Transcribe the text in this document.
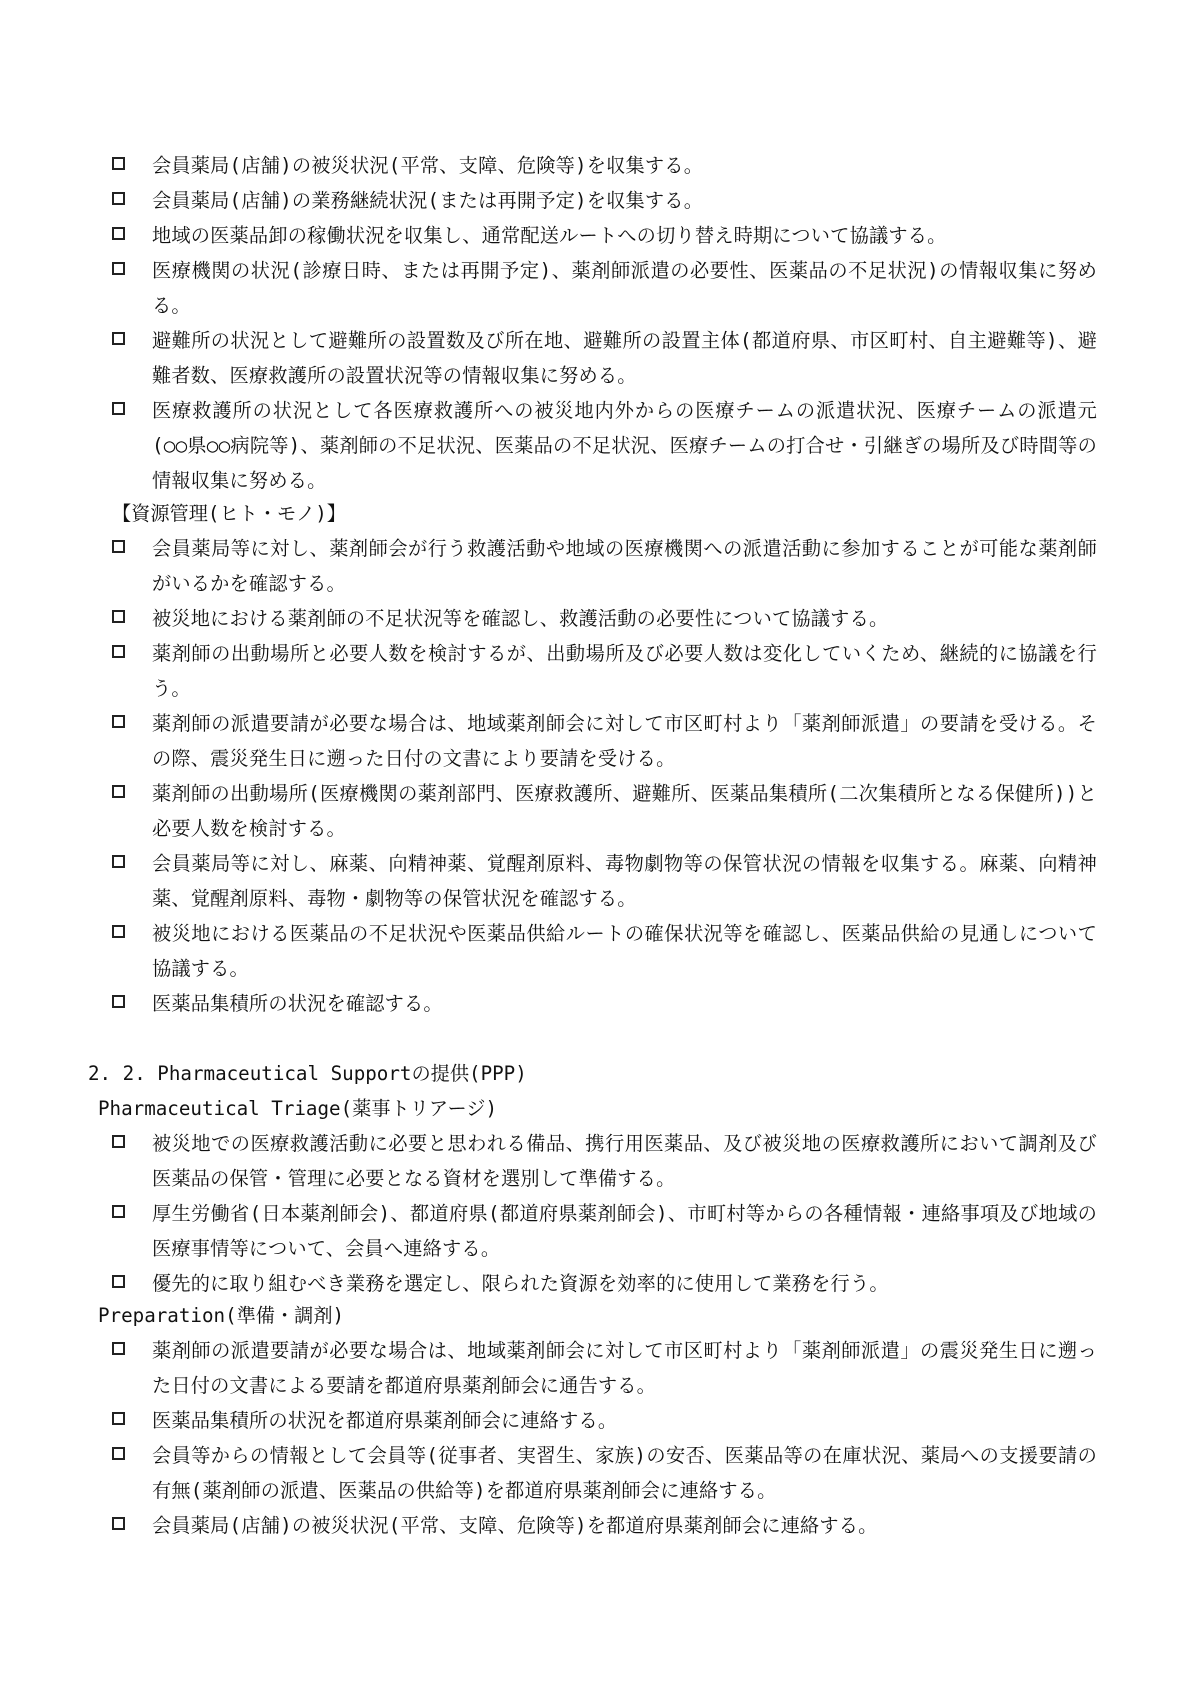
会員薬局(店舗)の被災状況(平常、支障、危険等)を収集する。
会員薬局(店舗)の業務継続状況(または再開予定)を収集する。
地域の医薬品卸の稼働状況を収集し、通常配送ルートへの切り替え時期について協議する。
医療機関の状況(診療日時、または再開予定)、薬剤師派遣の必要性、医薬品の不足状況)の情報収集に努める。
避難所の状況として避難所の設置数及び所在地、避難所の設置主体(都道府県、市区町村、自主避難等)、避難者数、医療救護所の設置状況等の情報収集に努める。
医療救護所の状況として各医療救護所への被災地内外からの医療チームの派遣状況、医療チームの派遣元(○○県○○病院等)、薬剤師の不足状況、医薬品の不足状況、医療チームの打合せ・引継ぎの場所及び時間等の情報収集に努める。
【資源管理(ヒト・モノ)】
会員薬局等に対し、薬剤師会が行う救護活動や地域の医療機関への派遣活動に参加することが可能な薬剤師がいるかを確認する。
被災地における薬剤師の不足状況等を確認し、救護活動の必要性について協議する。
薬剤師の出動場所と必要人数を検討するが、出動場所及び必要人数は変化していくため、継続的に協議を行う。
薬剤師の派遣要請が必要な場合は、地域薬剤師会に対して市区町村より「薬剤師派遣」の要請を受ける。その際、震災発生日に遡った日付の文書により要請を受ける。
薬剤師の出動場所(医療機関の薬剤部門、医療救護所、避難所、医薬品集積所(二次集積所となる保健所))と必要人数を検討する。
会員薬局等に対し、麻薬、向精神薬、覚醒剤原料、毒物劇物等の保管状況の情報を収集する。麻薬、向精神薬、覚醒剤原料、毒物・劇物等の保管状況を確認する。
被災地における医薬品の不足状況や医薬品供給ルートの確保状況等を確認し、医薬品供給の見通しについて協議する。
医薬品集積所の状況を確認する。
2. 2. Pharmaceutical Supportの提供(PPP)
Pharmaceutical Triage(薬事トリアージ)
被災地での医療救護活動に必要と思われる備品、携行用医薬品、及び被災地の医療救護所において調剤及び医薬品の保管・管理に必要となる資材を選別して準備する。
厚生労働省(日本薬剤師会)、都道府県(都道府県薬剤師会)、市町村等からの各種情報・連絡事項及び地域の医療事情等について、会員へ連絡する。
優先的に取り組むべき業務を選定し、限られた資源を効率的に使用して業務を行う。
Preparation(準備・調剤)
薬剤師の派遣要請が必要な場合は、地域薬剤師会に対して市区町村より「薬剤師派遣」の震災発生日に遡った日付の文書による要請を都道府県薬剤師会に通告する。
医薬品集積所の状況を都道府県薬剤師会に連絡する。
会員等からの情報として会員等(従事者、実習生、家族)の安否、医薬品等の在庫状況、薬局への支援要請の有無(薬剤師の派遣、医薬品の供給等)を都道府県薬剤師会に連絡する。
会員薬局(店舗)の被災状況(平常、支障、危険等)を都道府県薬剤師会に連絡する。
